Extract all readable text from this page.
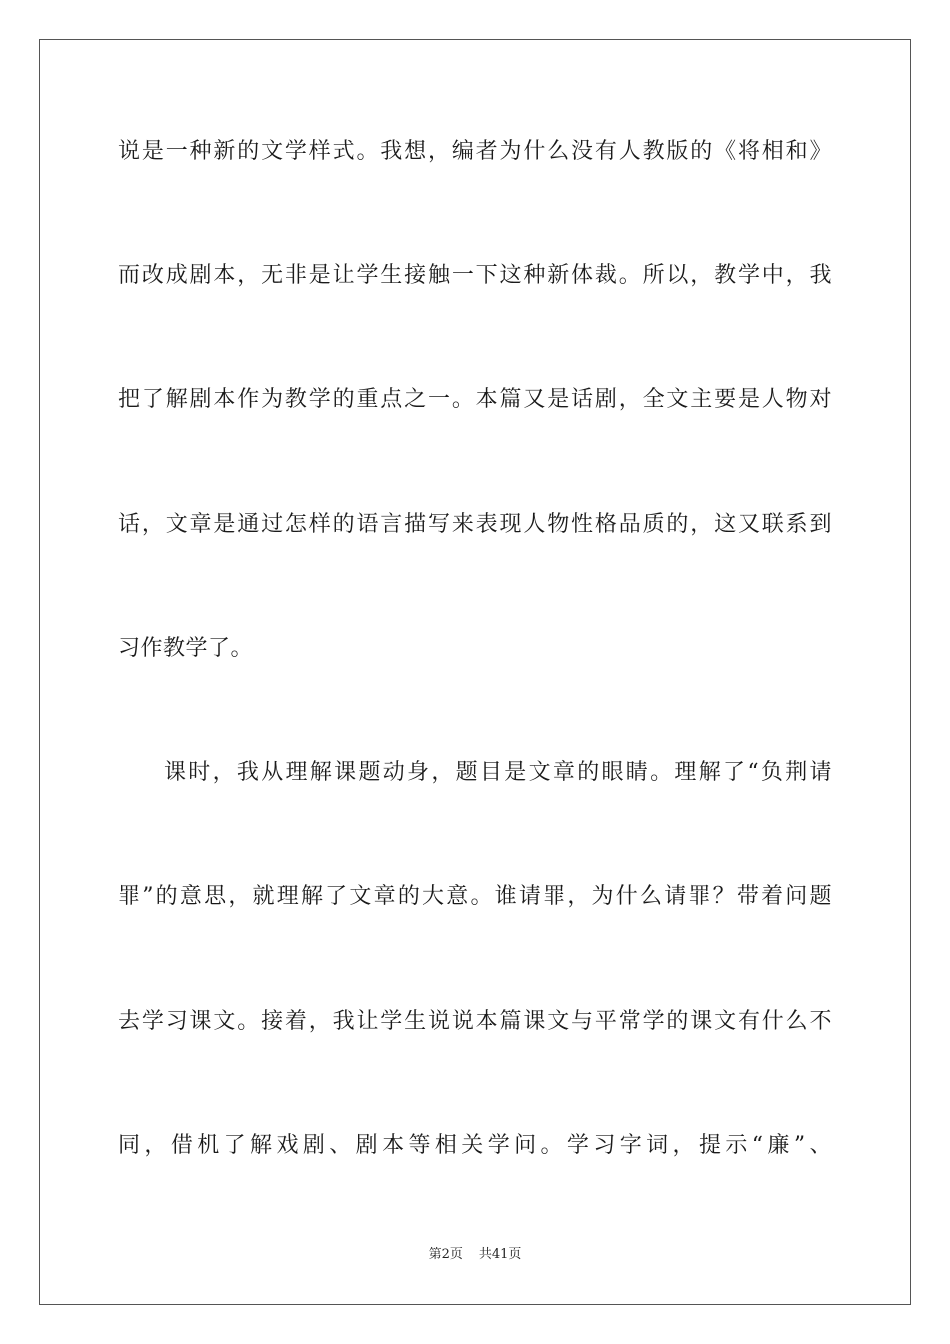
说是一种新的文学样式。我想，编者为什么没有人教版的《将相和》
而改成剧本，无非是让学生接触一下这种新体裁。所以，教学中，我
把了解剧本作为教学的重点之一。本篇又是话剧，全文主要是人物对
话，文章是通过怎样的语言描写来表现人物性格品质的，这又联系到
习作教学了。
课时，我从理解课题动身，题目是文章的眼睛。理解了“负荆请
罪”的意思，就理解了文章的大意。谁请罪，为什么请罪？带着问题
去学习课文。接着，我让学生说说本篇课文与平常学的课文有什么不
同，借机了解戏剧、剧本等相关学问。学习字词，提示“廉”、
第2页 共41页
